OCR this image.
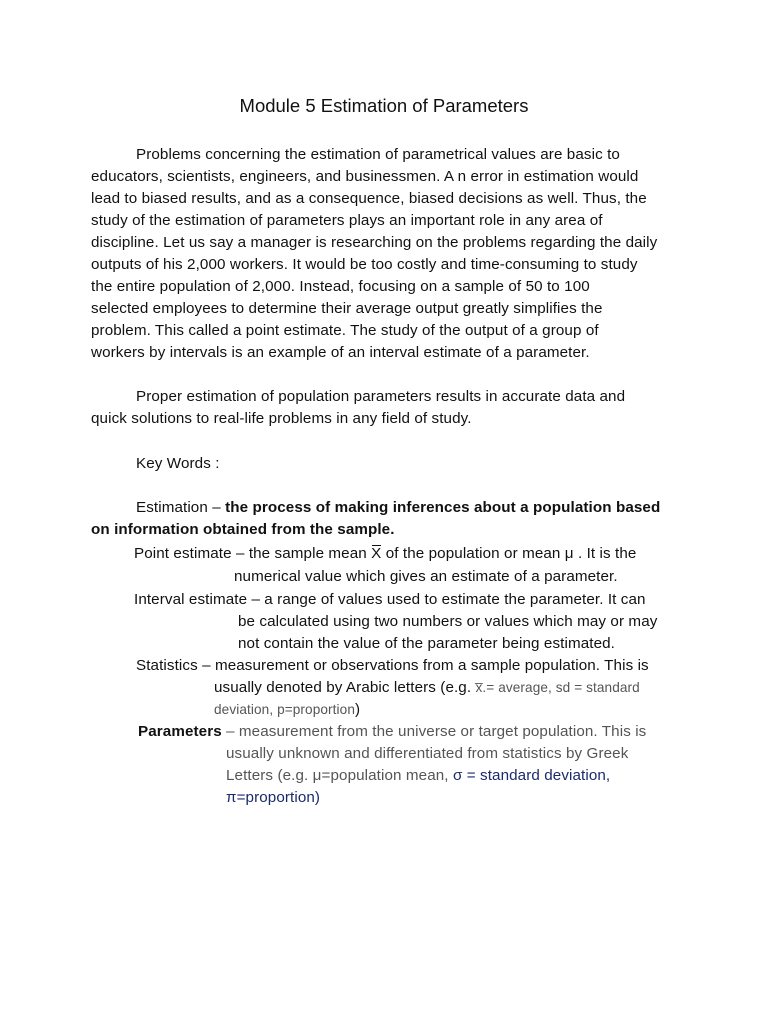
Module 5 Estimation of Parameters
Problems concerning the estimation of parametrical values are basic to
educators, scientists, engineers, and businessmen. A n error in estimation would
lead to biased results, and as a consequence, biased decisions as well. Thus, the
study of the estimation of parameters plays an important role in any area of
discipline. Let us say a manager is researching on the problems regarding the daily
outputs of his 2,000 workers. It would be too costly and time-consuming to study
the entire population of 2,000. Instead, focusing on a sample of 50 to 100
selected employees to determine their average output greatly simplifies the
problem. This called a point estimate. The study of the output of a group of
workers by intervals is an example of an interval estimate of a parameter.
Proper estimation of population parameters results in accurate data and
quick solutions to real-life problems in any field of study.
Key Words :
Estimation – the process of making inferences about a population based
on information obtained from the sample.
Point estimate – the sample mean X of the population or mean μ . It is the
numerical value which gives an estimate of a parameter.
Interval estimate – a range of values used to estimate the parameter. It can
be calculated using two numbers or values which may or may
not contain the value of the parameter being estimated.
Statistics – measurement or observations from a sample population. This is
usually denoted by Arabic letters (e.g. x̅.= average, sd = standard
deviation, p=proportion)
Parameters – measurement from the universe or target population. This is
usually unknown and differentiated from statistics by Greek
Letters (e.g. μ=population mean, σ = standard deviation,
π=proportion)
